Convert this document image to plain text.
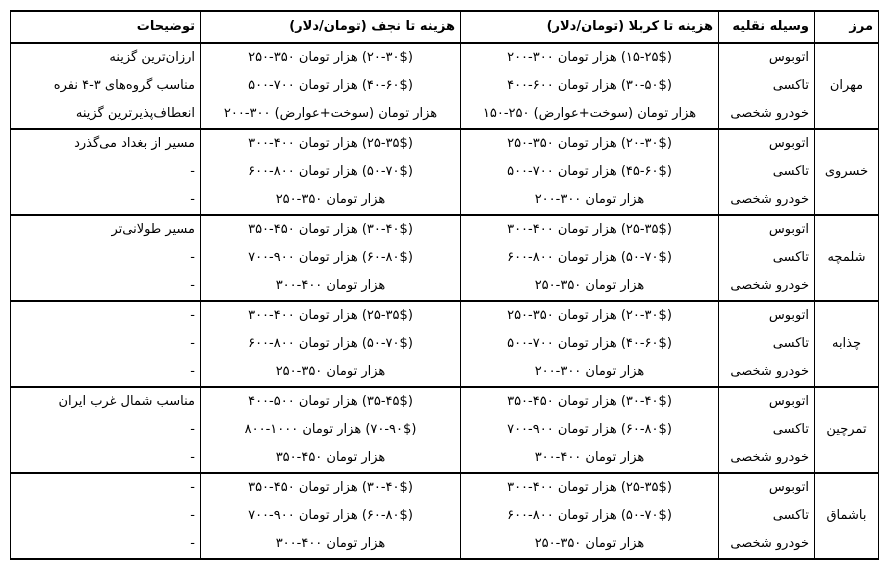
مرز	وسیله نقلیه	هزینه تا کربلا (تومان/دلار)	هزینه تا نجف (تومان/دلار)	توضیحات
مهران	اتوبوس	(۱۵-۲۵$) هزار تومان ۳۰۰-۲۰۰	(۲۰-۳۰$) هزار تومان ۳۵۰-۲۵۰	ارزان‌ترین گزینه
	تاکسی	(۳۰-۵۰$) هزار تومان ۶۰۰-۴۰۰	(۴۰-۶۰$) هزار تومان ۷۰۰-۵۰۰	مناسب گروه‌های ۳-۴ نفره
	خودرو شخصی	هزار تومان (سوخت+عوارض) ۲۵۰-۱۵۰	هزار تومان (سوخت+عوارض) ۳۰۰-۲۰۰	انعطاف‌پذیرترین گزینه
خسروی	اتوبوس	(۲۰-۳۰$) هزار تومان ۳۵۰-۲۵۰	(۲۵-۳۵$) هزار تومان ۴۰۰-۳۰۰	مسیر از بغداد می‌گذرد
	تاکسی	(۴۵-۶۰$) هزار تومان ۷۰۰-۵۰۰	(۵۰-۷۰$) هزار تومان ۸۰۰-۶۰۰	-
	خودرو شخصی	هزار تومان ۳۰۰-۲۰۰	هزار تومان ۳۵۰-۲۵۰	-
شلمچه	اتوبوس	(۲۵-۳۵$) هزار تومان ۴۰۰-۳۰۰	(۳۰-۴۰$) هزار تومان ۴۵۰-۳۵۰	مسیر طولانی‌تر
	تاکسی	(۵۰-۷۰$) هزار تومان ۸۰۰-۶۰۰	(۶۰-۸۰$) هزار تومان ۹۰۰-۷۰۰	-
	خودرو شخصی	هزار تومان ۳۵۰-۲۵۰	هزار تومان ۴۰۰-۳۰۰	-
چذابه	اتوبوس	(۲۰-۳۰$) هزار تومان ۳۵۰-۲۵۰	(۲۵-۳۵$) هزار تومان ۴۰۰-۳۰۰	-
	تاکسی	(۴۰-۶۰$) هزار تومان ۷۰۰-۵۰۰	(۵۰-۷۰$) هزار تومان ۸۰۰-۶۰۰	-
	خودرو شخصی	هزار تومان ۳۰۰-۲۰۰	هزار تومان ۳۵۰-۲۵۰	-
تمرچین	اتوبوس	(۳۰-۴۰$) هزار تومان ۴۵۰-۳۵۰	(۳۵-۴۵$) هزار تومان ۵۰۰-۴۰۰	مناسب شمال غرب ایران
	تاکسی	(۶۰-۸۰$) هزار تومان ۹۰۰-۷۰۰	(۷۰-۹۰$) هزار تومان ۱۰۰۰-۸۰۰	-
	خودرو شخصی	هزار تومان ۴۰۰-۳۰۰	هزار تومان ۴۵۰-۳۵۰	-
باشماق	اتوبوس	(۲۵-۳۵$) هزار تومان ۴۰۰-۳۰۰	(۳۰-۴۰$) هزار تومان ۴۵۰-۳۵۰	-
	تاکسی	(۵۰-۷۰$) هزار تومان ۸۰۰-۶۰۰	(۶۰-۸۰$) هزار تومان ۹۰۰-۷۰۰	-
	خودرو شخصی	هزار تومان ۳۵۰-۲۵۰	هزار تومان ۴۰۰-۳۰۰	-
